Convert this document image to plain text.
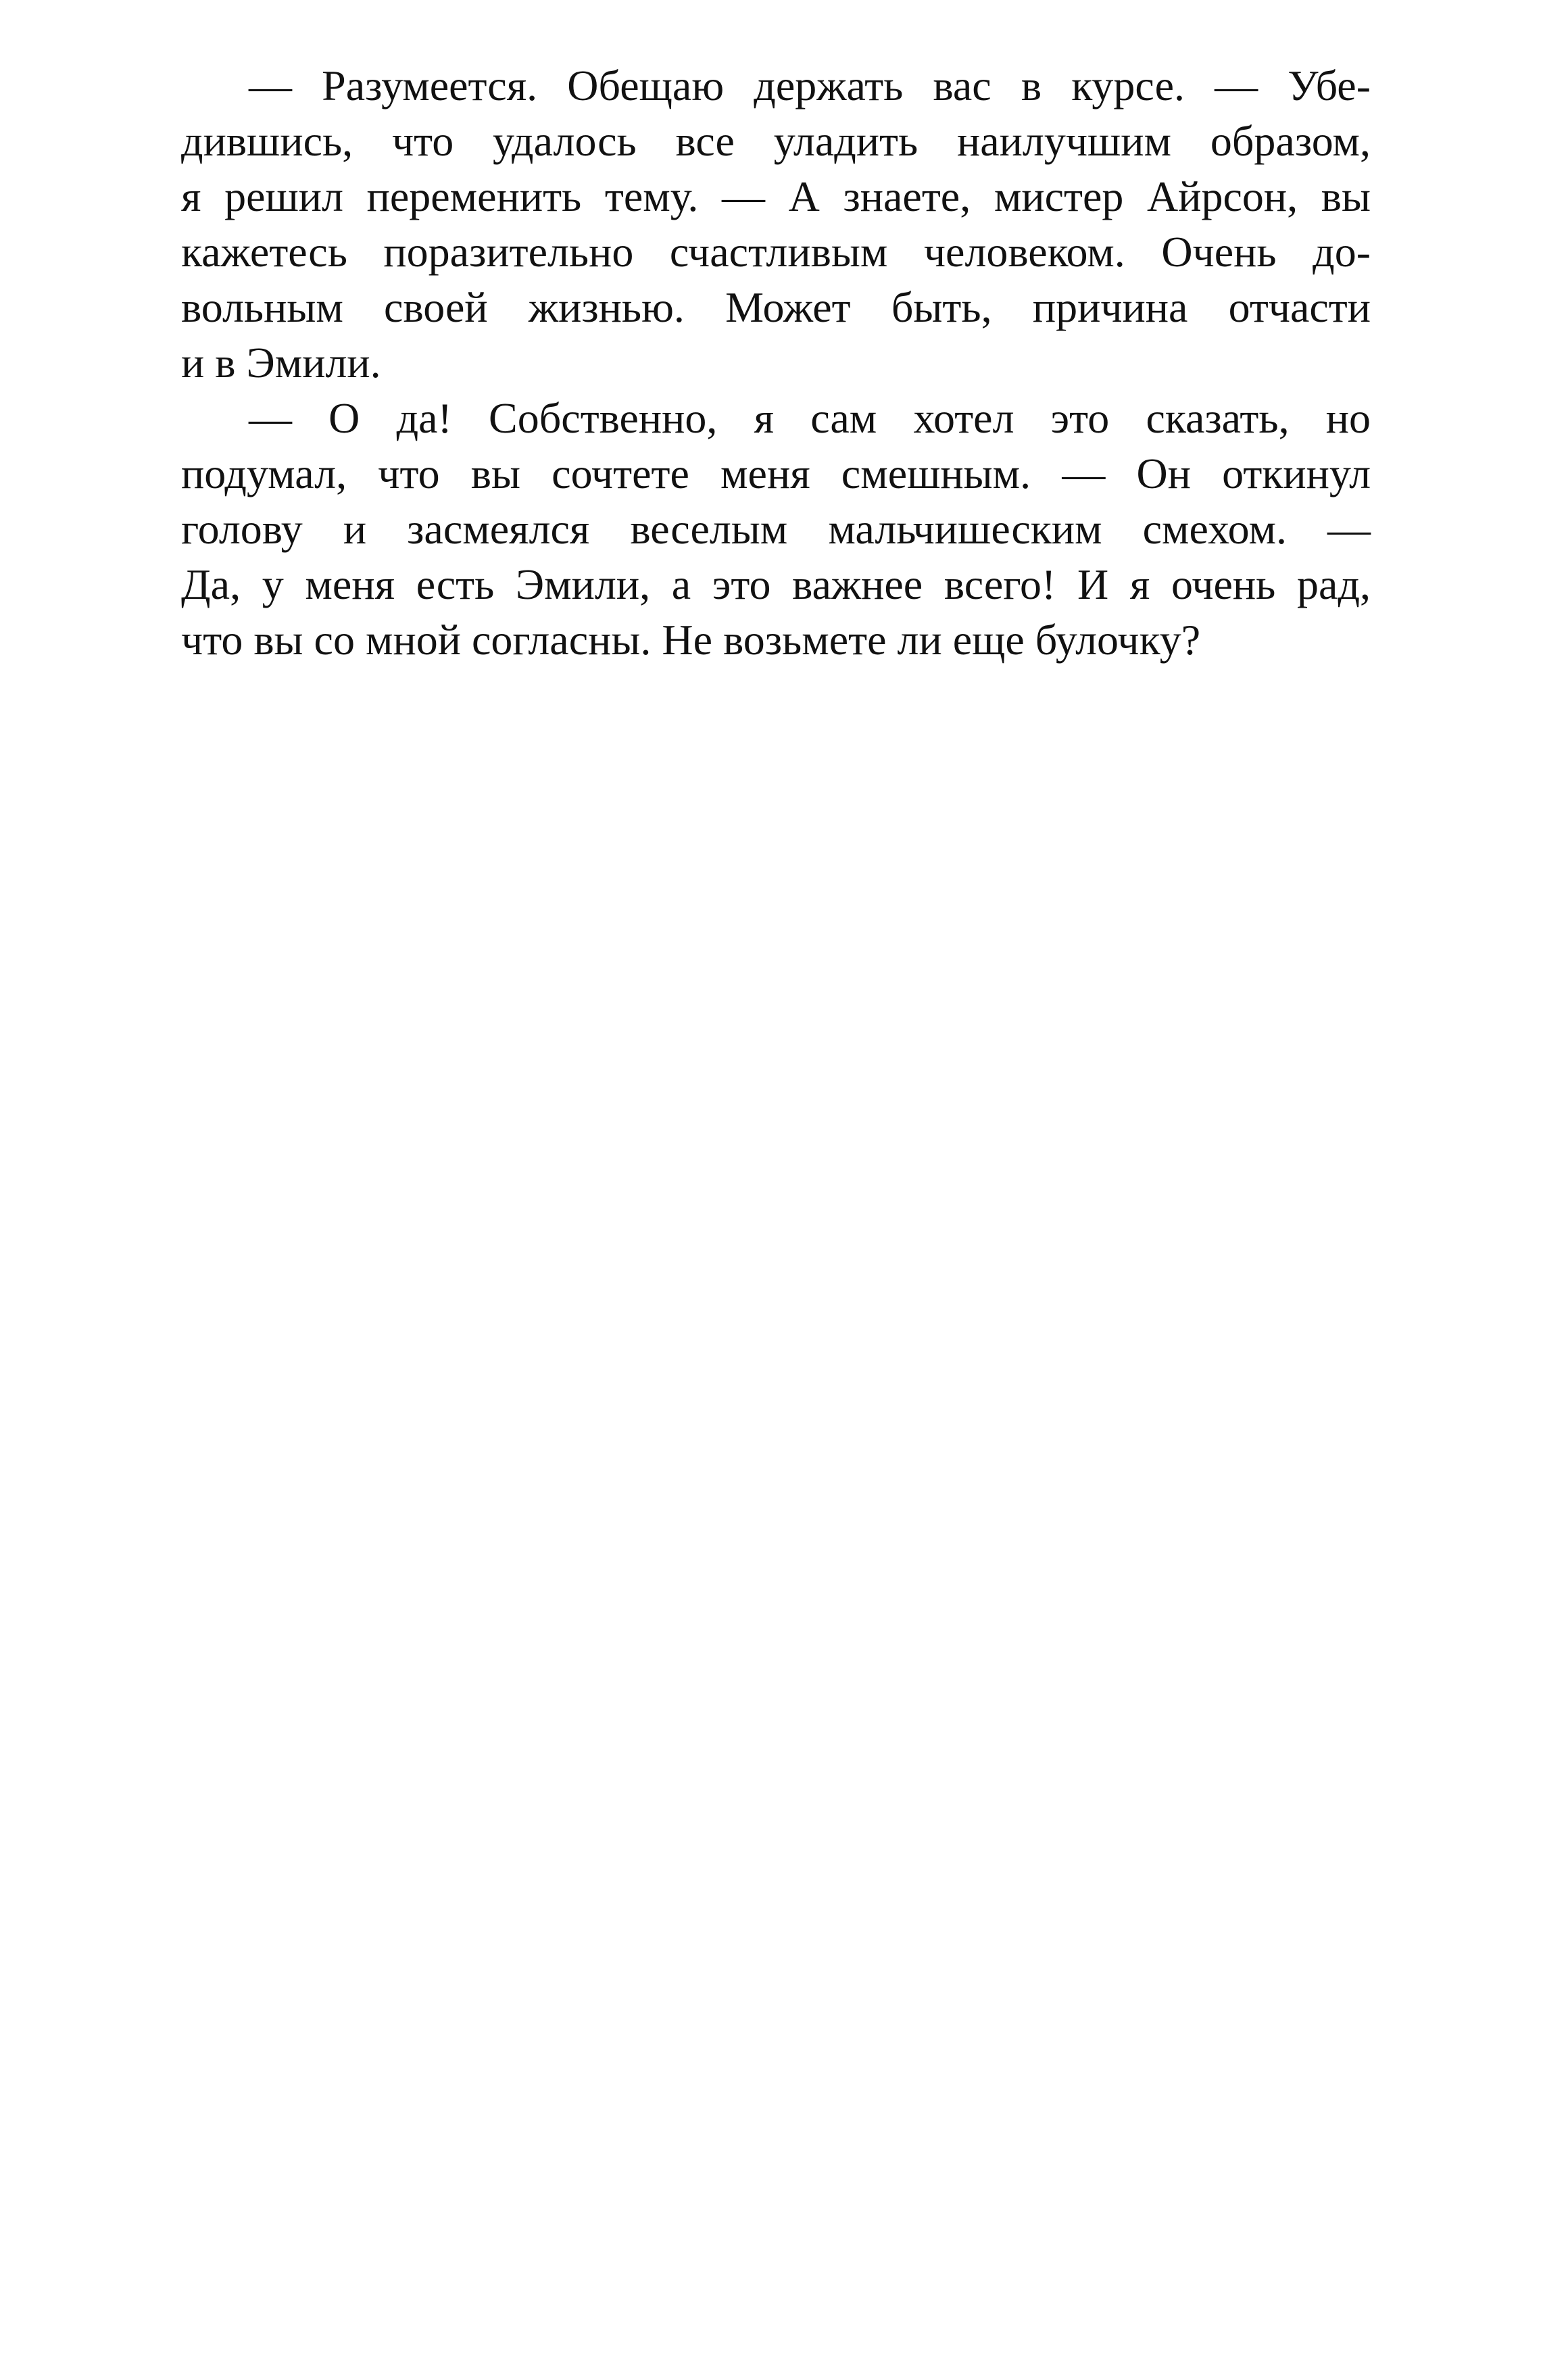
— Разумеется. Обещаю держать вас в курсе. — Убе-
дившись, что удалось все уладить наилучшим образом,
я решил переменить тему. — А знаете, мистер Айрсон, вы
кажетесь поразительно счастливым человеком. Очень до-
вольным своей жизнью. Может быть, причина отчасти
и в Эмили.
— О да! Собственно, я сам хотел это сказать, но
подумал, что вы сочтете меня смешным. — Он откинул
голову и засмеялся веселым мальчишеским смехом. —
Да, у меня есть Эмили, а это важнее всего! И я очень рад,
что вы со мной согласны. Не возьмете ли еще булочку?
